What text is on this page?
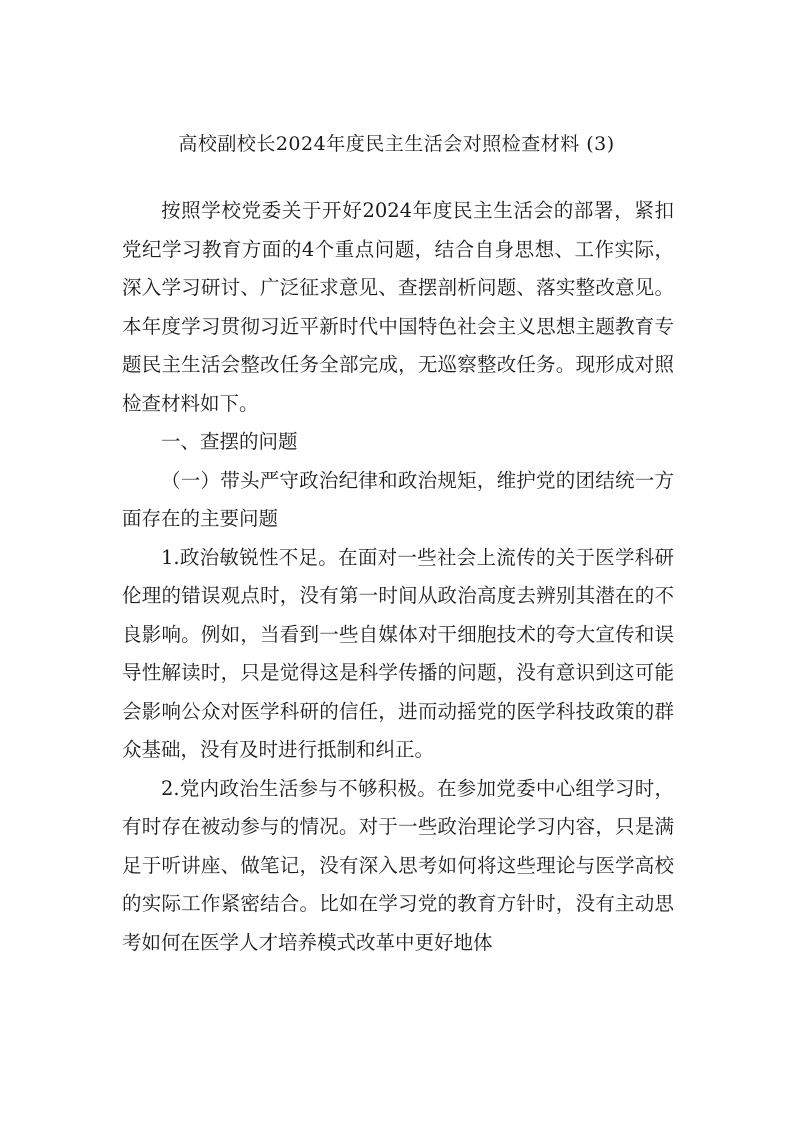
高校副校长2024年度民主生活会对照检查材料 (3)

按照学校党委关于开好2024年度民主生活会的部署，紧扣党纪学习教育方面的4个重点问题，结合自身思想、工作实际，深入学习研讨、广泛征求意见、查摆剖析问题、落实整改意见。本年度学习贯彻习近平新时代中国特色社会主义思想主题教育专题民主生活会整改任务全部完成，无巡察整改任务。现形成对照检查材料如下。

一、查摆的问题

（一）带头严守政治纪律和政治规矩，维护党的团结统一方面存在的主要问题

1.政治敏锐性不足。在面对一些社会上流传的关于医学科研伦理的错误观点时，没有第一时间从政治高度去辨别其潜在的不良影响。例如，当看到一些自媒体对干细胞技术的夸大宣传和误导性解读时，只是觉得这是科学传播的问题，没有意识到这可能会影响公众对医学科研的信任，进而动摇党的医学科技政策的群众基础，没有及时进行抵制和纠正。

2.党内政治生活参与不够积极。在参加党委中心组学习时，有时存在被动参与的情况。对于一些政治理论学习内容，只是满足于听讲座、做笔记，没有深入思考如何将这些理论与医学高校的实际工作紧密结合。比如在学习党的教育方针时，没有主动思考如何在医学人才培养模式改革中更好地体
